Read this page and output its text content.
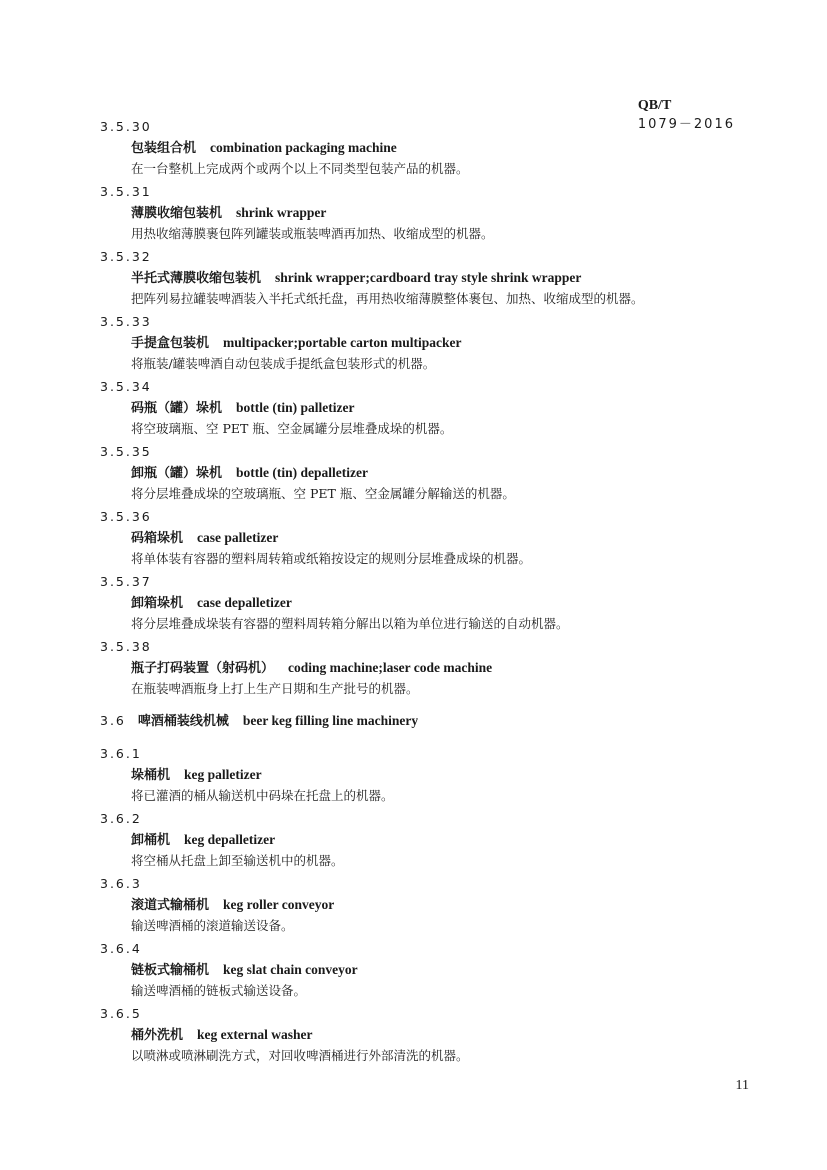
QB/T
1079－2016
3.5.30
包装组合机 combination packaging machine
在一台整机上完成两个或两个以上不同类型包装产品的机器。
3.5.31
薄膜收缩包装机 shrink wrapper
用热收缩薄膜裹包阵列罐装或瓶装啤酒再加热、收缩成型的机器。
3.5.32
半托式薄膜收缩包装机 shrink wrapper;cardboard tray style shrink wrapper
把阵列易拉罐装啤酒装入半托式纸托盘，再用热收缩薄膜整体裹包、加热、收缩成型的机器。
3.5.33
手提盒包装机 multipacker;portable carton multipacker
将瓶装/罐装啤酒自动包装成手提纸盒包装形式的机器。
3.5.34
码瓶（罐）垛机 bottle (tin) palletizer
将空玻璃瓶、空 PET 瓶、空金属罐分层堆叠成垛的机器。
3.5.35
卸瓶（罐）垛机 bottle (tin) depalletizer
将分层堆叠成垛的空玻璃瓶、空 PET 瓶、空金属罐分解输送的机器。
3.5.36
码箱垛机 case palletizer
将单体装有容器的塑料周转箱或纸箱按设定的规则分层堆叠成垛的机器。
3.5.37
卸箱垛机 case depalletizer
将分层堆叠成垛装有容器的塑料周转箱分解出以箱为单位进行输送的自动机器。
3.5.38
瓶子打码装置（射码机） coding machine;laser code machine
在瓶装啤酒瓶身上打上生产日期和生产批号的机器。
3.6 啤酒桶装线机械 beer keg filling line machinery
3.6.1
垛桶机 keg palletizer
将已灌酒的桶从输送机中码垛在托盘上的机器。
3.6.2
卸桶机 keg depalletizer
将空桶从托盘上卸至输送机中的机器。
3.6.3
滚道式输桶机 keg roller conveyor
输送啤酒桶的滚道输送设备。
3.6.4
链板式输桶机 keg slat chain conveyor
输送啤酒桶的链板式输送设备。
3.6.5
桶外洗机 keg external washer
以喷淋或喷淋刷洗方式，对回收啤酒桶进行外部清洗的机器。
11
